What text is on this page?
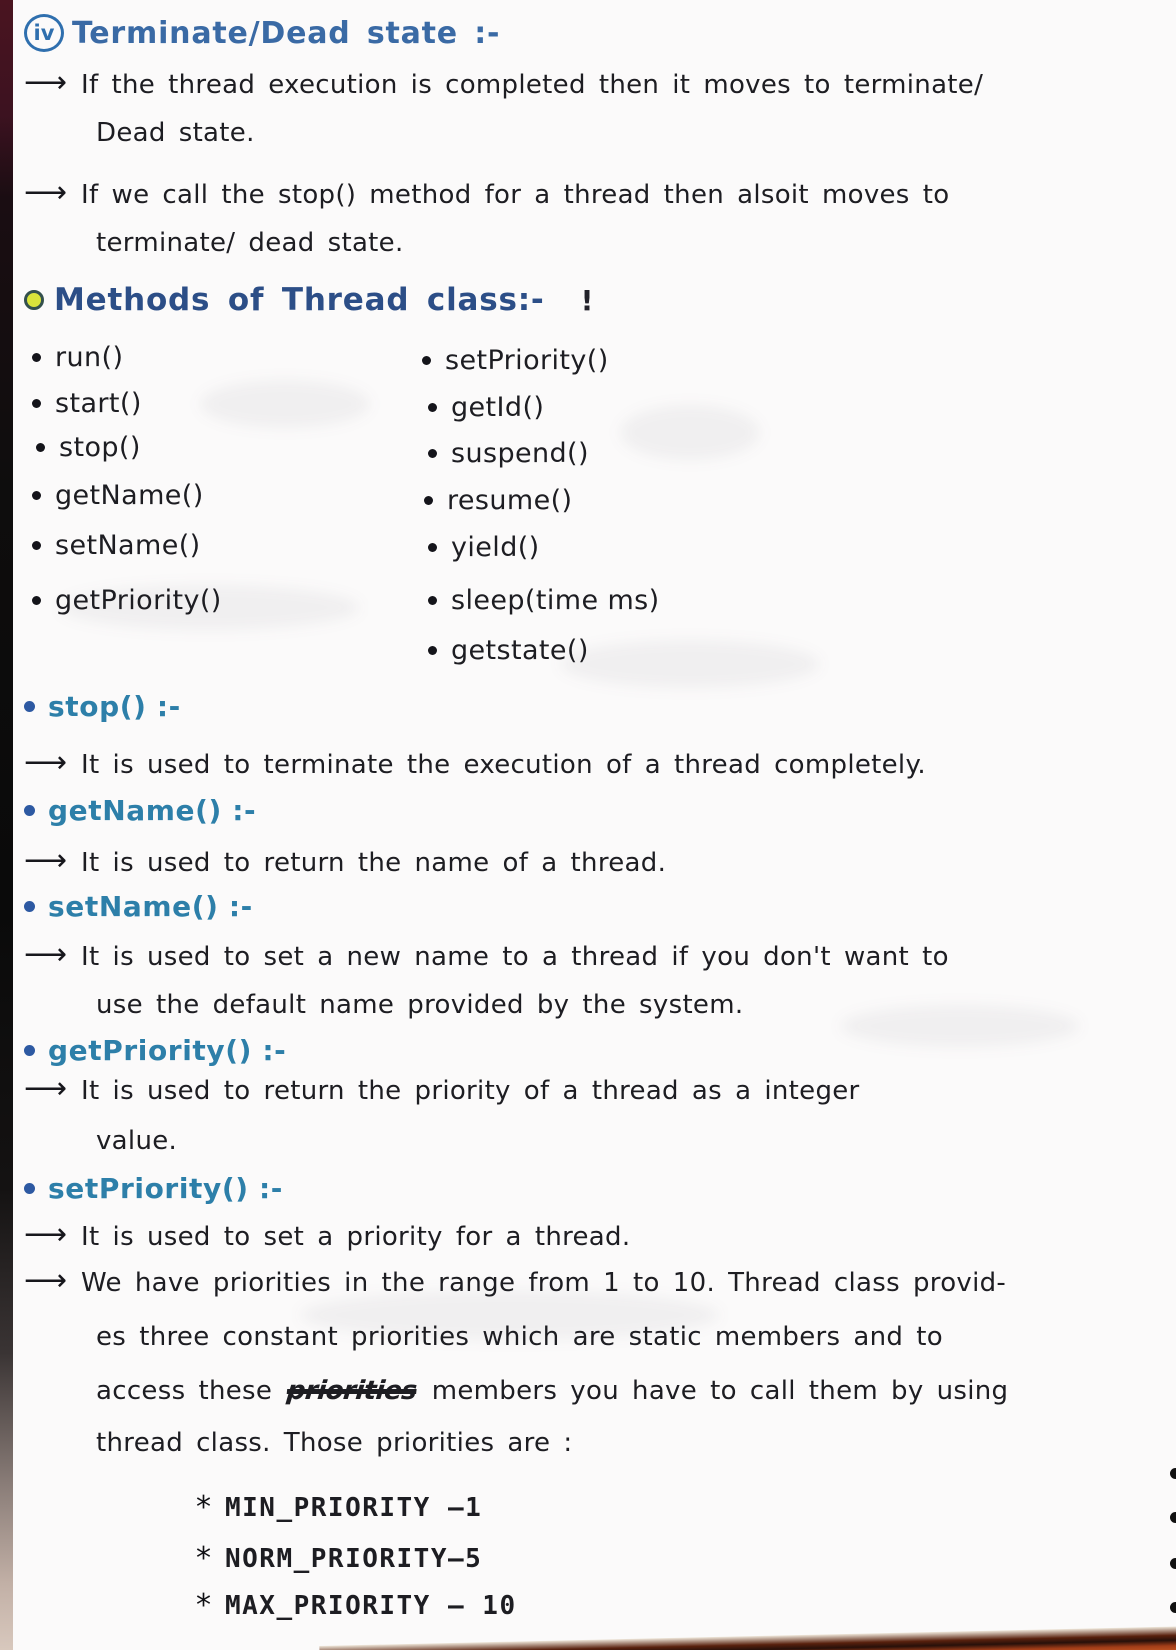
iv Terminate/Dead state :-
⟶ If the thread execution is completed then it moves to terminate/
Dead state.
⟶ If we call the stop() method for a thread then alsoit moves to
terminate/ dead state.
Methods of Thread class:- !
run()
start()
stop()
getName()
setName()
getPriority()
setPriority()
getId()
suspend()
resume()
yield()
sleep(time ms)
getstate()
stop() :-
⟶ It is used to terminate the execution of a thread completely.
getName() :-
⟶ It is used to return the name of a thread.
setName() :-
⟶ It is used to set a new name to a thread if you don't want to
use the default name provided by the system.
getPriority() :-
⟶ It is used to return the priority of a thread as a integer
value.
setPriority() :-
⟶ It is used to set a priority for a thread.
⟶ We have priorities in the range from 1 to 10. Thread class provid-
es three constant priorities which are static members and to
access these priorities members you have to call them by using
thread class. Those priorities are :
* MIN_PRIORITY –1
* NORM_PRIORITY–5
* MAX_PRIORITY – 10
